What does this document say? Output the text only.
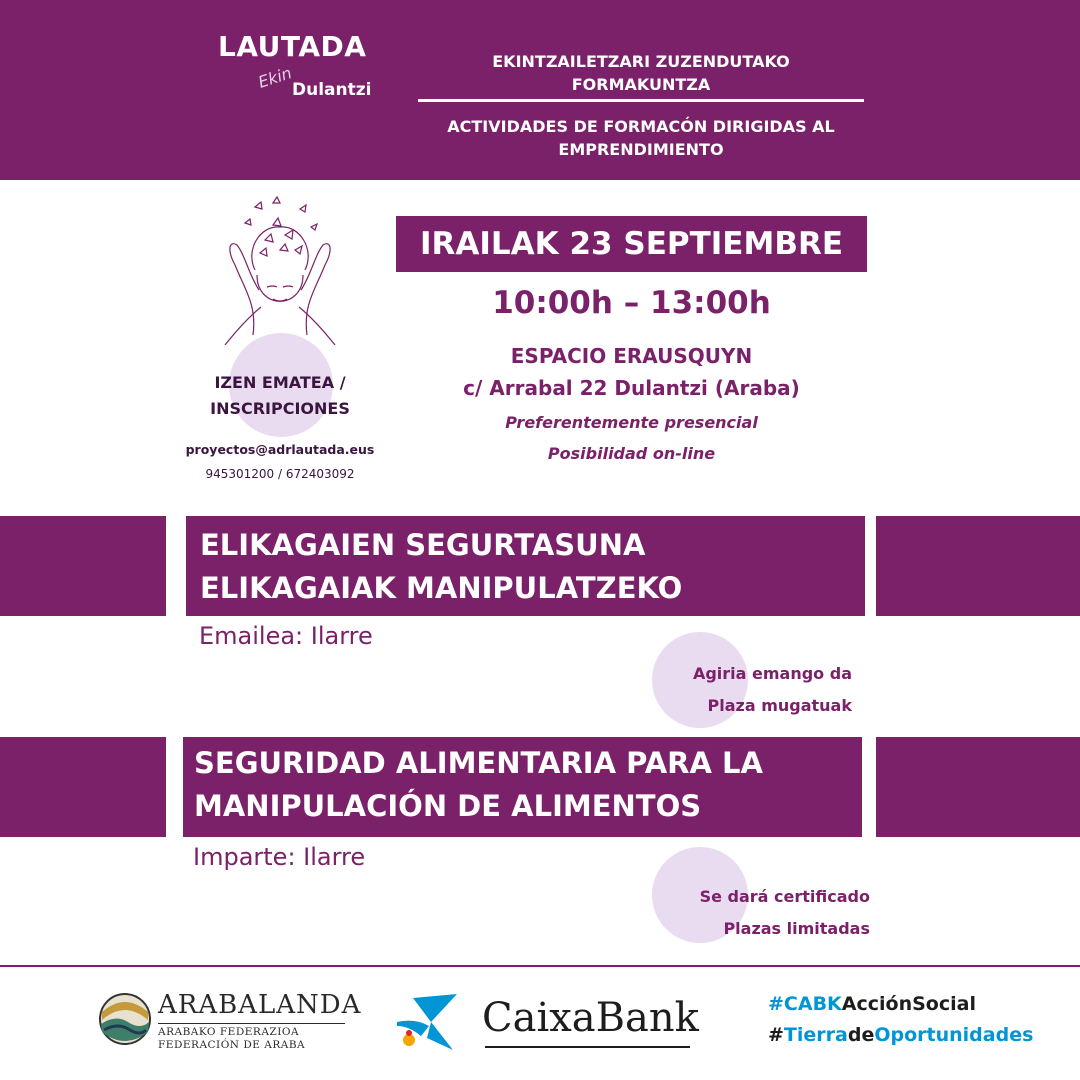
LAUTADA
Ekin
Dulantzi
EKINTZAILETZARI ZUZENDUTAKO
FORMAKUNTZA
ACTIVIDADES DE FORMACÓN DIRIGIDAS AL
EMPRENDIMIENTO
IZEN EMATEA /
INSCRIPCIONES
proyectos@adrlautada.eus
945301200 / 672403092
IRAILAK 23 SEPTIEMBRE
10:00h – 13:00h
ESPACIO ERAUSQUYN
c/ Arrabal 22 Dulantzi (Araba)
Preferentemente presencial
Posibilidad on-line
ELIKAGAIEN SEGURTASUNA
ELIKAGAIAK MANIPULATZEKO
Emailea: Ilarre
Agiria emango da
Plaza mugatuak
SEGURIDAD ALIMENTARIA PARA LA
MANIPULACIÓN DE ALIMENTOS
Imparte: Ilarre
Se dará certificado
Plazas limitadas
ARABALANDA
ARABAKO FEDERAZIOA
FEDERACIÓN DE ARABA
CaixaBank	#CABKAcciónSocial
#TierradeOportunidades
